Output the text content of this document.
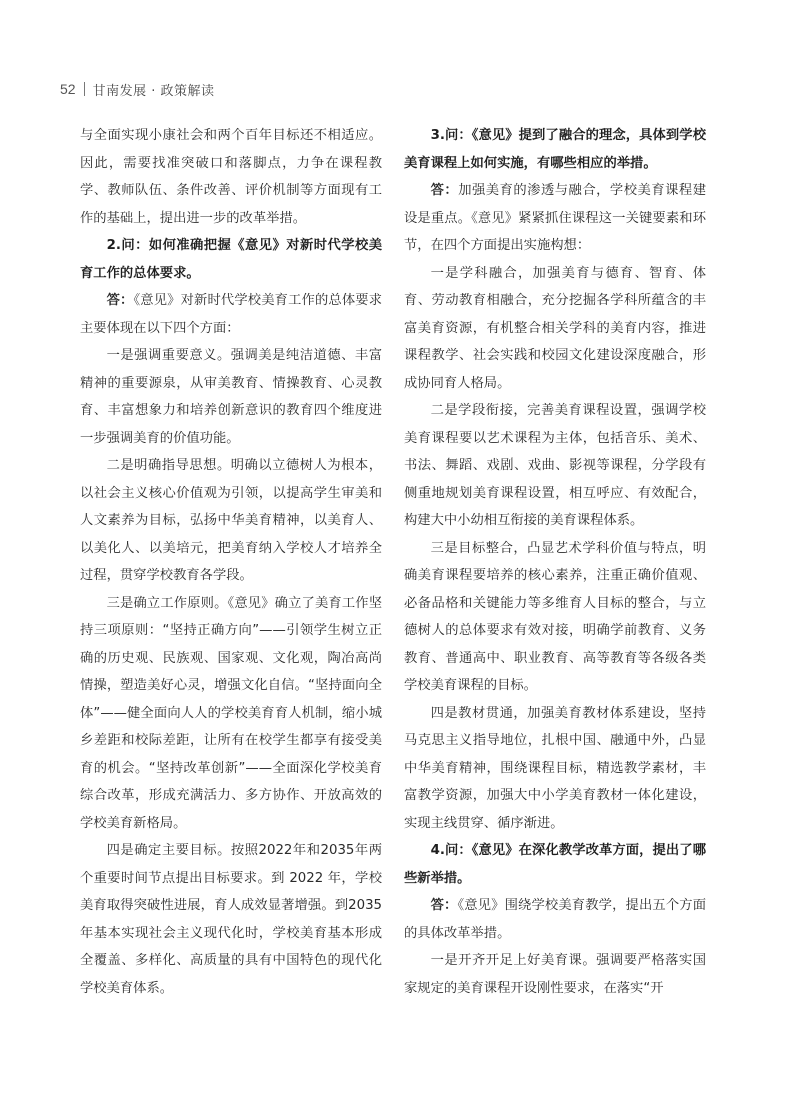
52 甘南发展 · 政策解读

与全面实现小康社会和两个百年目标还不相适应。因此，需要找准突破口和落脚点，力争在课程教学、教师队伍、条件改善、评价机制等方面现有工作的基础上，提出进一步的改革举措。

2.问：如何准确把握《意见》对新时代学校美育工作的总体要求。

答：《意见》对新时代学校美育工作的总体要求主要体现在以下四个方面：

一是强调重要意义。强调美是纯洁道德、丰富精神的重要源泉，从审美教育、情操教育、心灵教育、丰富想象力和培养创新意识的教育四个维度进一步强调美育的价值功能。

二是明确指导思想。明确以立德树人为根本，以社会主义核心价值观为引领，以提高学生审美和人文素养为目标，弘扬中华美育精神，以美育人、以美化人、以美培元，把美育纳入学校人才培养全过程，贯穿学校教育各学段。

三是确立工作原则。《意见》确立了美育工作坚持三项原则：“坚持正确方向”——引领学生树立正确的历史观、民族观、国家观、文化观，陶冶高尚情操，塑造美好心灵，增强文化自信。“坚持面向全体”——健全面向人人的学校美育育人机制，缩小城乡差距和校际差距，让所有在校学生都享有接受美育的机会。“坚持改革创新”——全面深化学校美育综合改革，形成充满活力、多方协作、开放高效的学校美育新格局。

四是确定主要目标。按照2022年和2035年两个重要时间节点提出目标要求。到 2022 年，学校美育取得突破性进展，育人成效显著增强。到2035年基本实现社会主义现代化时，学校美育基本形成全覆盖、多样化、高质量的具有中国特色的现代化学校美育体系。

3.问：《意见》提到了融合的理念，具体到学校美育课程上如何实施，有哪些相应的举措。

答：加强美育的渗透与融合，学校美育课程建设是重点。《意见》紧紧抓住课程这一关键要素和环节，在四个方面提出实施构想：

一是学科融合，加强美育与德育、智育、体育、劳动教育相融合，充分挖掘各学科所蕴含的丰富美育资源，有机整合相关学科的美育内容，推进课程教学、社会实践和校园文化建设深度融合，形成协同育人格局。

二是学段衔接，完善美育课程设置，强调学校美育课程要以艺术课程为主体，包括音乐、美术、书法、舞蹈、戏剧、戏曲、影视等课程，分学段有侧重地规划美育课程设置，相互呼应、有效配合，构建大中小幼相互衔接的美育课程体系。

三是目标整合，凸显艺术学科价值与特点，明确美育课程要培养的核心素养，注重正确价值观、必备品格和关键能力等多维育人目标的整合，与立德树人的总体要求有效对接，明确学前教育、义务教育、普通高中、职业教育、高等教育等各级各类学校美育课程的目标。

四是教材贯通，加强美育教材体系建设，坚持马克思主义指导地位，扎根中国、融通中外，凸显中华美育精神，围绕课程目标，精选教学素材，丰富教学资源，加强大中小学美育教材一体化建设，实现主线贯穿、循序渐进。

4.问：《意见》在深化教学改革方面，提出了哪些新举措。

答：《意见》围绕学校美育教学，提出五个方面的具体改革举措。

一是开齐开足上好美育课。强调要严格落实国家规定的美育课程开设刚性要求，在落实“开
